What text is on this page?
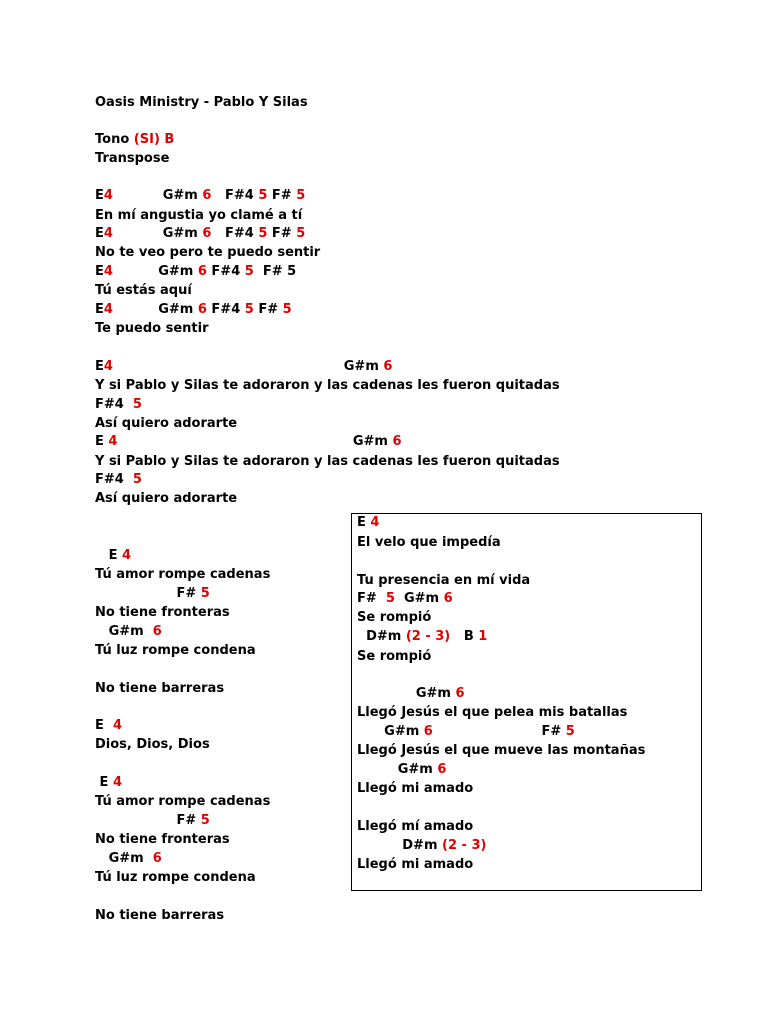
Oasis Ministry - Pablo Y Silas
Tono (SI) B
Transpose
E4	G#m 6   F#4 5 F# 5
En mí angustia yo clamé a tí
E4	G#m 6   F#4 5 F# 5
No te veo pero te puedo sentir
E4	G#m 6 F#4 5  F# 5
Tú estás aquí
E4	G#m 6 F#4 5 F# 5
Te puedo sentir
E4	G#m 6
Y si Pablo y Silas te adoraron y las cadenas les fueron quitadas
F#4  5
Así quiero adorarte
E 4	G#m 6
Y si Pablo y Silas te adoraron y las cadenas les fueron quitadas
F#4  5
Así quiero adorarte
E 4
Tú amor rompe cadenas
F# 5
No tiene fronteras
G#m  6
Tú luz rompe condena
No tiene barreras
E 4
Dios, Dios, Dios
E 4
Tú amor rompe cadenas
F# 5
No tiene fronteras
G#m  6
Tú luz rompe condena
No tiene barreras
E 4
El velo que impedía
Tu presencia en mí vida
F# 5 G#m 6
Se rompió
D#m (2 - 3) B 1
Se rompió
G#m 6
Llegó Jesús el que pelea mis batallas
G#m 6	F# 5
Llegó Jesús el que mueve las montañas
G#m 6
Llegó mi amado
Llegó mí amado
D#m (2 - 3)
Llegó mi amado
